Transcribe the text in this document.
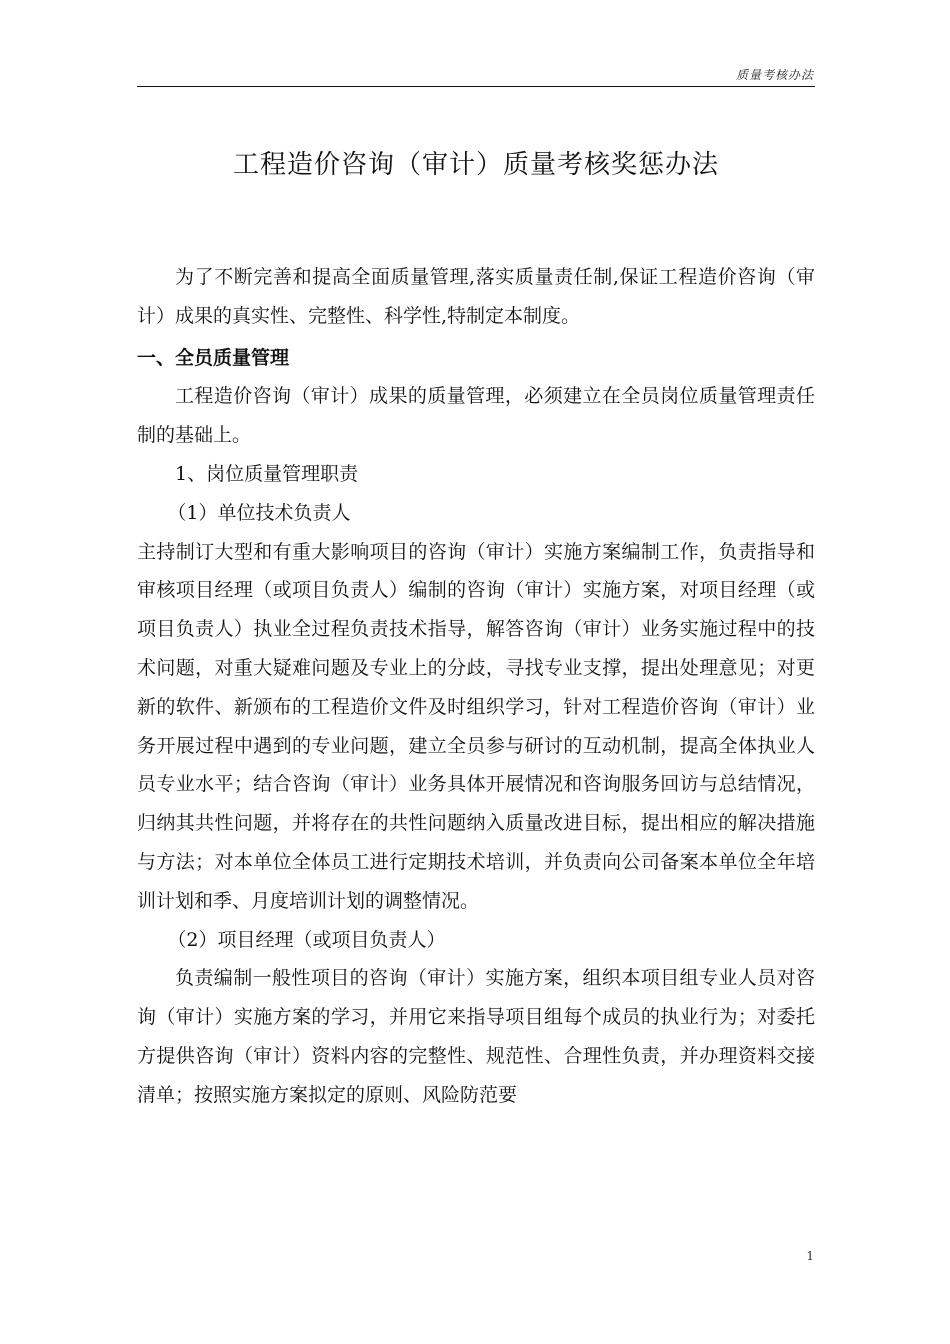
质量考核办法
工程造价咨询（审计）质量考核奖惩办法

为了不断完善和提高全面质量管理,落实质量责任制,保证工程造价咨询（审计）成果的真实性、完整性、科学性,特制定本制度。

一、全员质量管理

工程造价咨询（审计）成果的质量管理，必须建立在全员岗位质量管理责任制的基础上。

1、岗位质量管理职责

（1）单位技术负责人

主持制订大型和有重大影响项目的咨询（审计）实施方案编制工作，负责指导和审核项目经理（或项目负责人）编制的咨询（审计）实施方案，对项目经理（或项目负责人）执业全过程负责技术指导，解答咨询（审计）业务实施过程中的技术问题，对重大疑难问题及专业上的分歧，寻找专业支撑，提出处理意见；对更新的软件、新颁布的工程造价文件及时组织学习，针对工程造价咨询（审计）业务开展过程中遇到的专业问题，建立全员参与研讨的互动机制，提高全体执业人员专业水平；结合咨询（审计）业务具体开展情况和咨询服务回访与总结情况，归纳其共性问题，并将存在的共性问题纳入质量改进目标，提出相应的解决措施与方法；对本单位全体员工进行定期技术培训，并负责向公司备案本单位全年培训计划和季、月度培训计划的调整情况。

（2）项目经理（或项目负责人）

负责编制一般性项目的咨询（审计）实施方案，组织本项目组专业人员对咨询（审计）实施方案的学习，并用它来指导项目组每个成员的执业行为；对委托方提供咨询（审计）资料内容的完整性、规范性、合理性负责，并办理资料交接清单；按照实施方案拟定的原则、风险防范要

1
